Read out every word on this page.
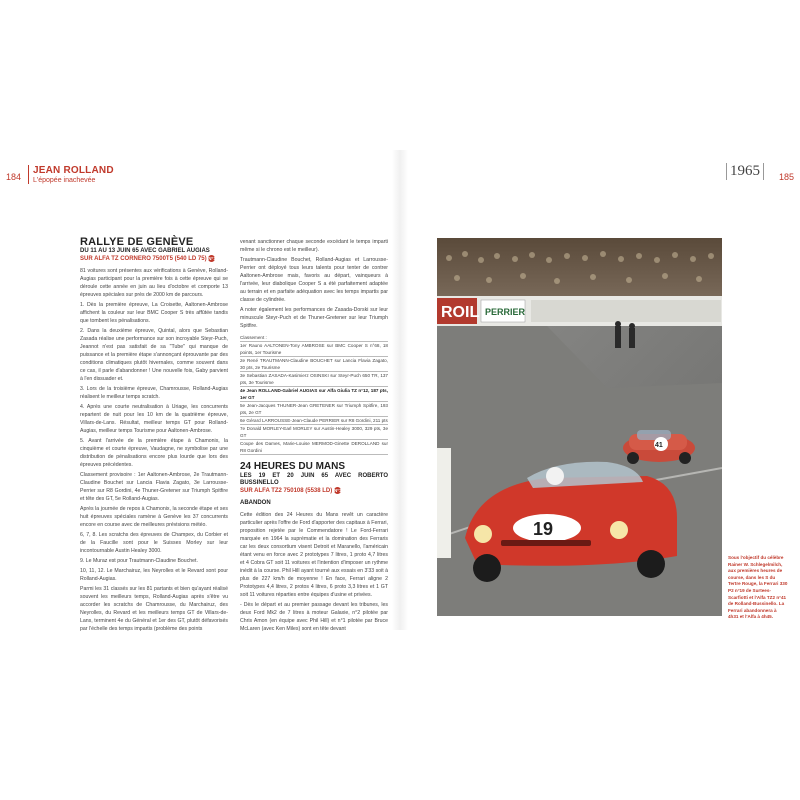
184
JEAN ROLLAND
L'épopée inachevée
1965	185
RALLYE DE GENÈVE
DU 11 AU 13 JUIN 65 AVEC GABRIEL AUGIAS
SUR ALFA TZ CORNERO 7500T5 (540 LD 75) N°1

81 voitures sont présentes aux vérifications à Genève, Rolland-Augias participant pour la première fois à cette épreuve qui se déroule cette année en juin au lieu d'octobre et comporte 13 épreuves spéciales sur près de 2000 km de parcours.

1. Dès la première épreuve, La Croisette, Aaltonen-Ambrose affichent la couleur sur leur BMC Cooper S très affûtée tandis que tombent les pénalisations.

2. Dans la deuxième épreuve, Quintal, alors que Sebastian Zasada réalise une performance sur son incroyable Steyr-Puch, Jeannot n'est pas satisfait de sa "Tube" qui manque de puissance et la première étape s'annonçant éprouvante par des conditions climatiques plutôt hivernales, comme souvent dans ce cas, il parle d'abandonner ! Une nouvelle fois, Gaby parvient à l'en dissuader et.

3. Lors de la troisième épreuve, Chamrousse, Rolland-Augias réalisent le meilleur temps scratch.

4. Après une courte neutralisation à Uriage, les concurrents repartent de nuit pour les 10 km de la quatrième épreuve, Villars-de-Lans. Résultat, meilleur temps GT pour Rolland-Augias, meilleur temps Tourisme pour Aaltonen-Ambrose.

5. Avant l'arrivée de la première étape à Chamonix, la cinquième et courte épreuve, Vaudagne, ne symbolise par une distribution de pénalisations encore plus lourde que lors des épreuves précédentes.

Classement provisoire : 1er Aaltonen-Ambrose, 2e Trautmann-Claudine Bouchet sur Lancia Flavia Zagato, 3e Larrousse-Perrier sur R8 Gordini, 4e Thuner-Gretener sur Triumph Spitfire et tête des GT, 5e Rolland-Augias.

Après la journée de repos à Chamonix, la seconde étape et ses huit épreuves spéciales ramène à Genève les 37 concurrents encore en course avec de meilleures prévisions météo.

6, 7, 8. Les scratchs des épreuves de Champex, du Corbier et de la Faucille sont pour le Suisses Morley sur leur incontournable Austin Healey 3000.

9. Le Muraz est pour Trautmann-Claudine Bouchet.

10, 11, 12. Le Marchairuz, les Neyrolles et le Revard sont pour Rolland-Augias.

Parmi les 31 classés sur les 81 partants et bien qu'ayant réalisé souvent les meilleurs temps, Rolland-Augias après s'être vu accorder les scratchs de Chamrousse, du Marchairuz, des Neyrolles, du Revard et les meilleurs temps GT de Villars-de-Lans, terminent 4e du Général et 1er des GT, plutôt défavorisés par l'échelle des temps impartis (problème des points

venant sanctionner chaque seconde excédant le temps imparti même si le chrono est le meilleur).

Trautmann-Claudine Bouchet, Rolland-Augias et Larrousse-Perrier ont déployé tous leurs talents pour tenter de contrer Aaltonen-Ambrose mais, favoris au départ, vainqueurs à l'arrivée, leur diabolique Cooper S a été parfaitement adaptée au terrain et en parfaite adéquation avec les temps impartis par classe de cylindrée.

A noter également les performances de Zasada-Dorski sur leur minuscule Steyr-Puch et de Thuner-Gretener sur leur Triumph Spitfire.

Classement :
1er Rauno AALTONEN-Tony AMBROSE sur BMC Cooper S n°68, 18 points, 1er Tourisme
2e René TRAUTMANN-Claudine BOUCHET sur Lancia Flavia Zagato, 30 pts, 2e Tourisme
3e Sebastian ZASADA-Kasimierz OSINSKI sur Steyr-Puch 650 TR, 137 pts, 3e Tourisme
4e Jean ROLLAND-Gabriel AUGIAS sur Alfa Giulia TZ n°12, 187 pts, 1er GT
5e Jean-Jacques THUNER-Jean GRETENER sur Triumph Spitfire, 193 pts, 2e GT
6e Gérard LARROUSSE-Jean-Claude PERRIER sur R8 Gordini, 211 pts
7e Donald MORLEY-Earl MORLEY sur Austin-Healey 3000, 329 pts, 3e GT
Coupe des Dames, Marie-Louise MERMOD-Ginette DEROLLAND sur R8 Gordini
24 HEURES DU MANS
LES 19 ET 20 JUIN 65 AVEC ROBERTO BUSSINELLO
SUR ALFA TZ2 750108 (5538 LD) N°1
ABANDON

Cette édition des 24 Heures du Mans revêt un caractère particulier après l'offre de Ford d'apporter des capitaux à Ferrari, proposition rejetée par le Commendatore ! Le Ford-Ferrari marquée en 1964 la suprématie et la domination des Ferraris car les deux consortium visent Detroit et Maranello, l'américain étant venu en force avec 2 prototypes 7 litres, 1 proto 4,7 litres et 4 Cobra GT soit 11 voitures et l'intention d'imposer un rythme inédit à la course. Phil Hill ayant tourné aux essais en 3'33 soit à plus de 227 km/h de moyenne ! En face, Ferrari aligne 2 Prototypes 4,4 litres, 2 protos 4 litres, 6 proto 3,3 litres et 1 GT soit 11 voitures réparties entre équipes d'usine et privées.

- Dès le départ et au premier passage devant les tribunes, les deux Ford Mk2 de 7 litres à moteur Galaxie, n°2 pilotée par Chris Amon (en équipe avec Phil Hill) et n°1 pilotée par Bruce McLaren (avec Ken Miles) sont en tête devant

ROIL PERRIER
41
19
Sous l'objectif du célèbre Rainer W. Schlegelmilch, aux premières heures de course, dans les S du Tertre Rouge, la Ferrari 330 P2 n°19 de Surtees-Scarfiotti et l'Alfa TZ2 n°41 de Rolland-Bussinello. La Ferrari abandonnera à 4h31 et l'Alfa à 4h45.
